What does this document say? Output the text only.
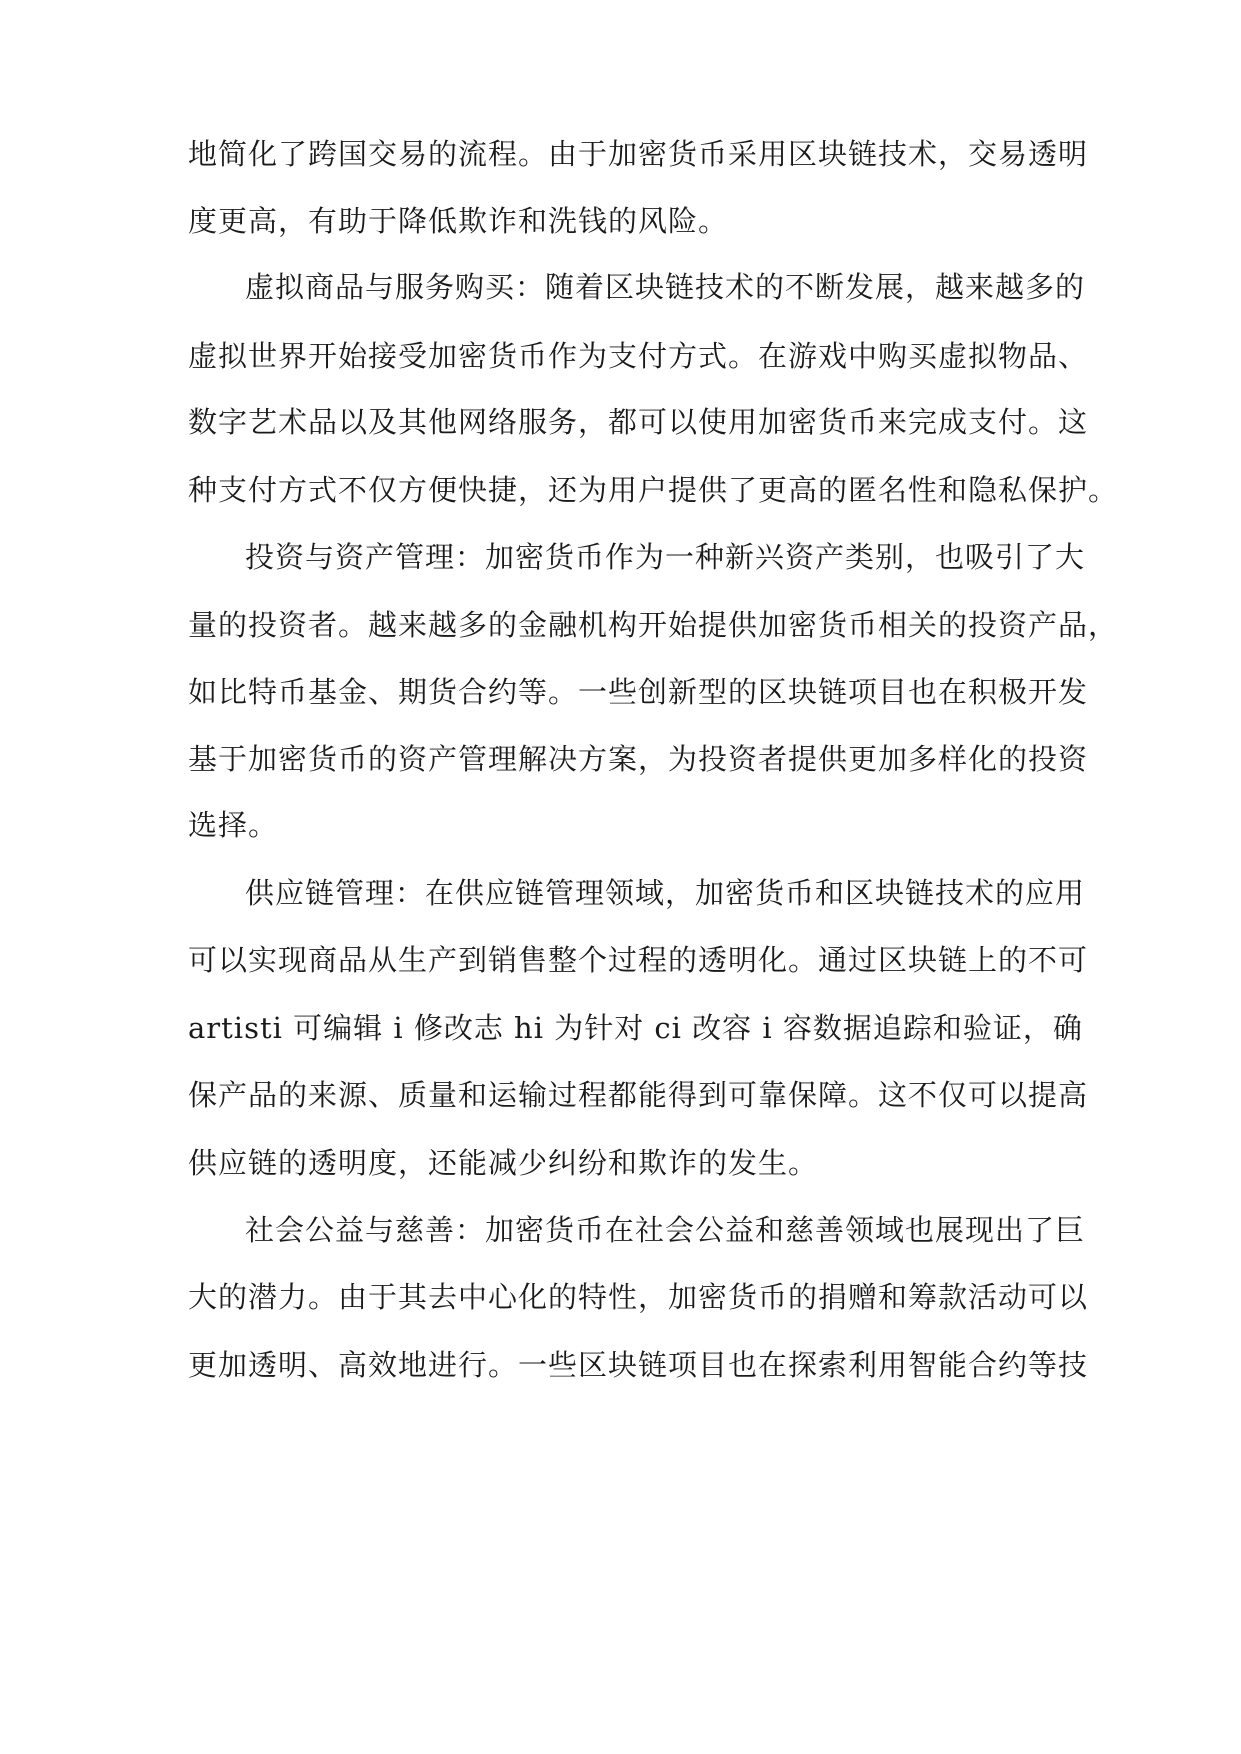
地简化了跨国交易的流程。由于加密货币采用区块链技术，交易透明
度更高，有助于降低欺诈和洗钱的风险。
虚拟商品与服务购买：随着区块链技术的不断发展，越来越多的
虚拟世界开始接受加密货币作为支付方式。在游戏中购买虚拟物品、
数字艺术品以及其他网络服务，都可以使用加密货币来完成支付。这
种支付方式不仅方便快捷，还为用户提供了更高的匿名性和隐私保护。
投资与资产管理：加密货币作为一种新兴资产类别，也吸引了大
量的投资者。越来越多的金融机构开始提供加密货币相关的投资产品，
如比特币基金、期货合约等。一些创新型的区块链项目也在积极开发
基于加密货币的资产管理解决方案，为投资者提供更加多样化的投资
选择。
供应链管理：在供应链管理领域，加密货币和区块链技术的应用
可以实现商品从生产到销售整个过程的透明化。通过区块链上的不可
artisti 可编辑 i 修改志 hi 为针对 ci 改容 i 容数据追踪和验证，确
保产品的来源、质量和运输过程都能得到可靠保障。这不仅可以提高
供应链的透明度，还能减少纠纷和欺诈的发生。
社会公益与慈善：加密货币在社会公益和慈善领域也展现出了巨
大的潜力。由于其去中心化的特性，加密货币的捐赠和筹款活动可以
更加透明、高效地进行。一些区块链项目也在探索利用智能合约等技
